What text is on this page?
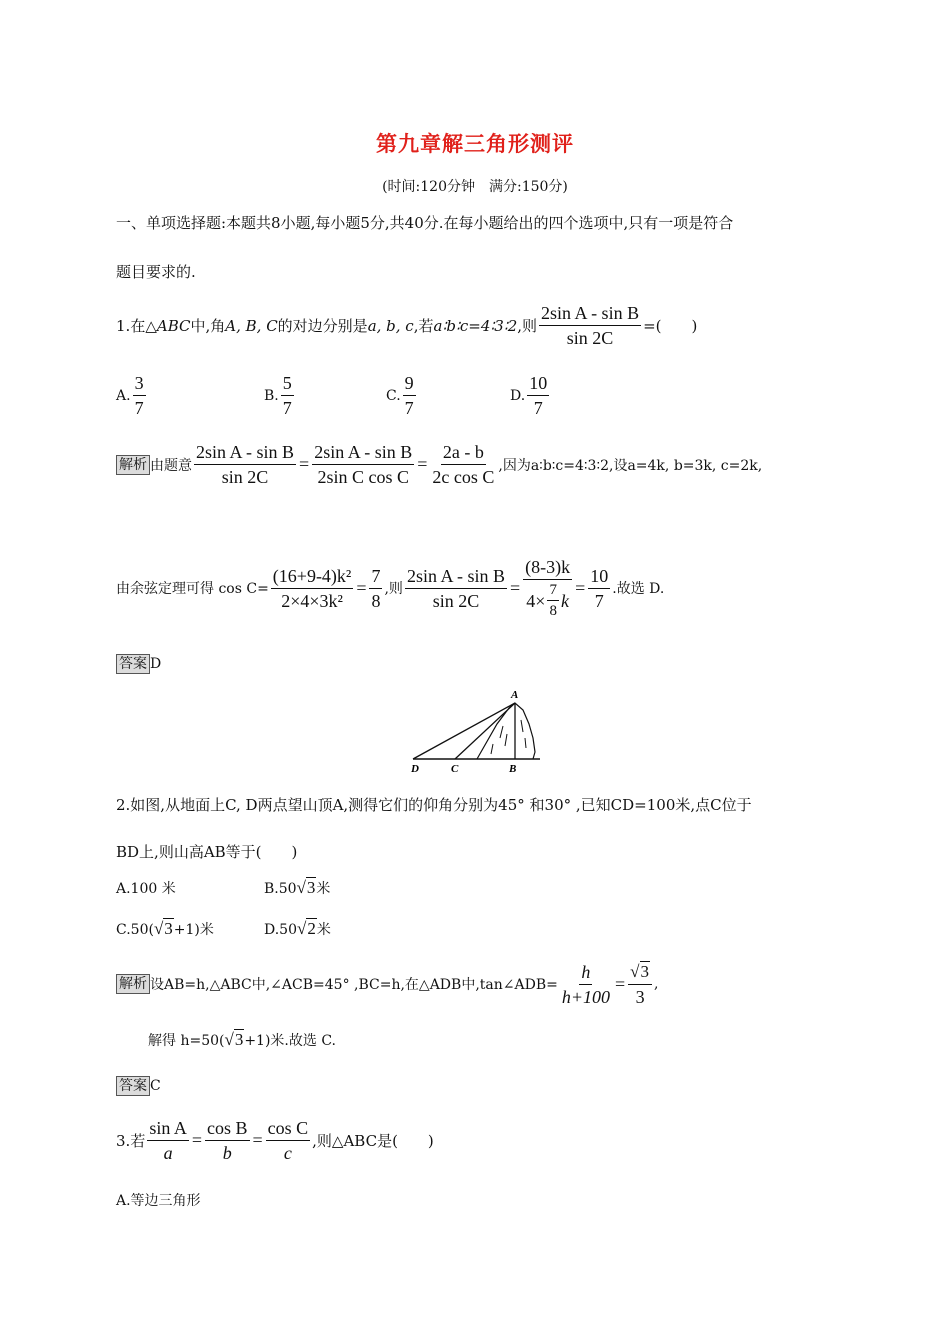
第九章解三角形测评
(时间:120分钟　满分:150分)
一、单项选择题:本题共8小题,每小题5分,共40分.在每小题给出的四个选项中,只有一项是符合
题目要求的.
1. 在△ ABC 中,角 A, B, C 的对边分别是 a, b, c ,若 a∶b∶c=4∶3∶2 ,则 $\frac{\text{2sin A - sin B}}{\sin 2C}$ =(　　)
A. $\frac{3}{7}$	B. $\frac{5}{7}$	C. $\frac{9}{7}$	D. $\frac{10}{7}$
解析 由题意 $\frac{\text{2sin A - sin B}}{\sin 2C} = \frac{\text{2sin A - sin B}}{\text{2sin C cos C}} = \frac{2a - b}{\text{2c cos C}}$ ,因为a∶b∶c=4∶3∶2,设a=4k, b=3k, c=2k,
由余弦定理可得 $\cos C= \frac{\text{(16+9-4)k²}}{\text{2×4×3k²}} = \frac{7}{8}$ ,则 $\frac{\text{2sin A - sin B}}{\sin 2C} = \frac{(8-3)k}{4\times \frac{7}{8} k} = \frac{10}{7}$ .故选 D.
答案 D
A
B
C
D
2.如图,从地面上C, D两点望山顶A,测得它们的仰角分别为45° 和30° ,已知CD=100米,点C位于
BD上,则山高AB等于(　　)
A.100 米	B.50√3米
C.50(√3+1)米	D.50√2米
解析 设AB=h,△ABC中,∠ACB=45° ,BC=h,在△ADB中,tan∠ADB= $\frac{h}{h+100} = \frac{√3}{3}$ ,
解得 h=50(√3+1)米.故选 C.
答案 C
3. 若 $\frac{\text{sin A}}{a} = \frac{\text{cos B}}{b} = \frac{\text{cos C}}{c}$ ,则△ABC是(　　)
A.等边三角形
